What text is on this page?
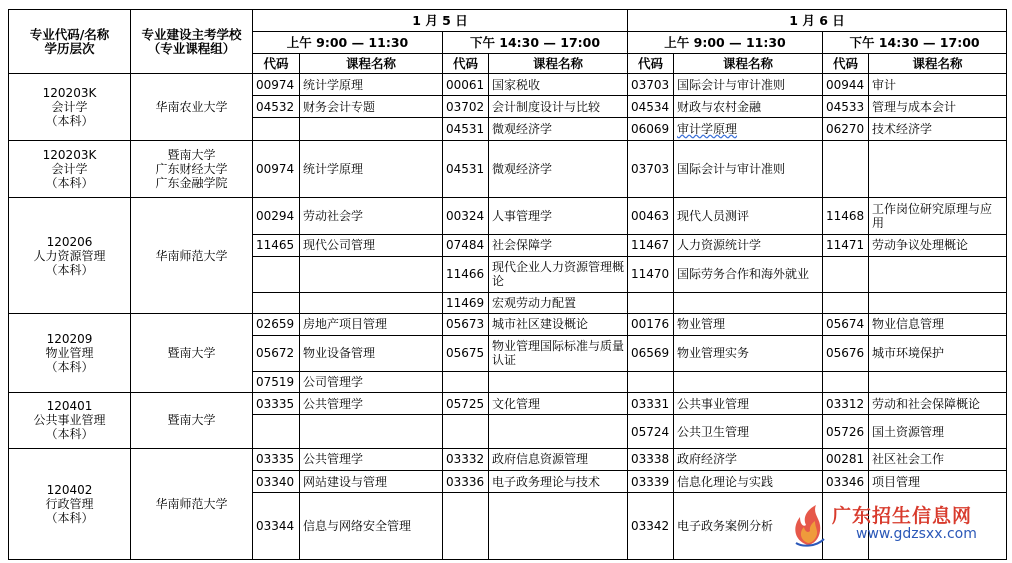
专业代码/名称
学历层次	专业建设主考学校
（专业课程组）	1 月 5 日				1 月 6 日			
		上午 9:00 — 11:30		下午 14:30 — 17:00		上午 9:00 — 11:30		下午 14:30 — 17:00	
		代码	课程名称	代码	课程名称	代码	课程名称	代码	课程名称

120203K
会计学
（本科）	华南农业大学	00974	统计学原理	00061	国家税收	03703	国际会计与审计准则	00944	审计
		04532	财务会计专题	03702	会计制度设计与比较	04534	财政与农村金融	04533	管理与成本会计
				04531	微观经济学	06069	审计学原理	06270	技术经济学

120203K
会计学
（本科）	暨南大学
广东财经大学
广东金融学院	00974	统计学原理	04531	微观经济学	03703	国际会计与审计准则		

120206
人力资源管理
（本科）	华南师范大学	00294	劳动社会学	00324	人事管理学	00463	现代人员测评	11468	工作岗位研究原理与应用
		11465	现代公司管理	07484	社会保障学	11467	人力资源统计学	11471	劳动争议处理概论
				11466	现代企业人力资源管理概论	11470	国际劳务合作和海外就业		
				11469	宏观劳动力配置				

120209
物业管理
（本科）	暨南大学	02659	房地产项目管理	05673	城市社区建设概论	00176	物业管理	05674	物业信息管理
		05672	物业设备管理	05675	物业管理国际标准与质量认证	06569	物业管理实务	05676	城市环境保护
		07519	公司管理学						

120401
公共事业管理
（本科）	暨南大学	03335	公共管理学	05725	文化管理	03331	公共事业管理	03312	劳动和社会保障概论
						05724	公共卫生管理	05726	国土资源管理

120402
行政管理
（本科）	华南师范大学	03335	公共管理学	03332	政府信息资源管理	03338	政府经济学	00281	社区社会工作
		03340	网站建设与管理	03336	电子政务理论与技术	03339	信息化理论与实践	03346	项目管理
		03344	信息与网络安全管理			03342	电子政务案例分析			广东招生信息网
www.gdzsxx.com
